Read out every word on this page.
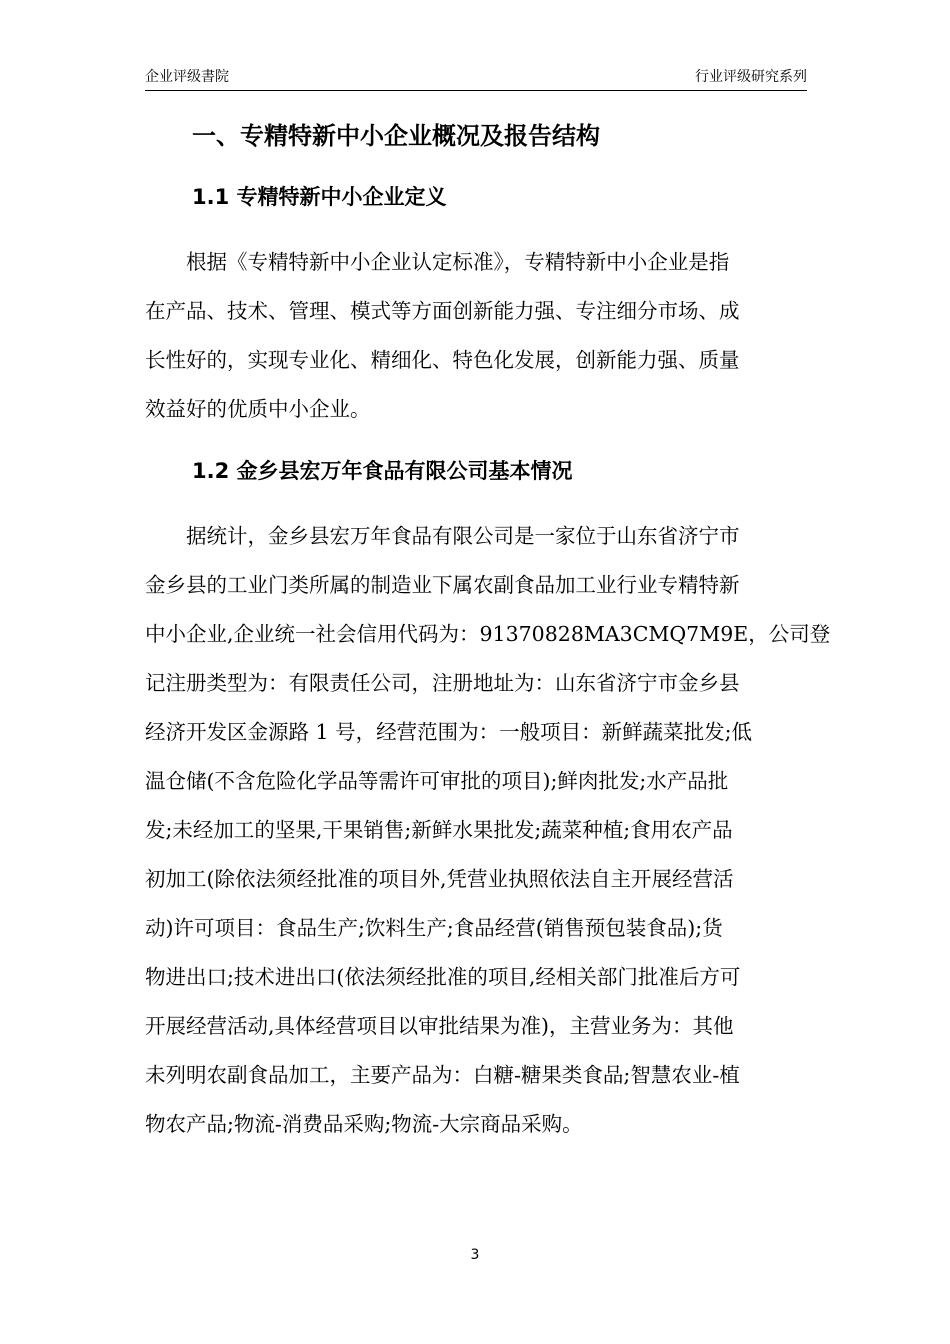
企业评级書院	行业评级研究系列
一、专精特新中小企业概况及报告结构
1.1 专精特新中小企业定义
根据《专精特新中小企业认定标准》，专精特新中小企业是指
在产品、技术、管理、模式等方面创新能力强、专注细分市场、成
长性好的，实现专业化、精细化、特色化发展，创新能力强、质量
效益好的优质中小企业。
1.2 金乡县宏万年食品有限公司基本情况
据统计，金乡县宏万年食品有限公司是一家位于山东省济宁市
金乡县的工业门类所属的制造业下属农副食品加工业行业专精特新
中小企业,企业统一社会信用代码为：91370828MA3CMQ7M9E，公司登
记注册类型为：有限责任公司，注册地址为：山东省济宁市金乡县
经济开发区金源路 1 号，经营范围为：一般项目：新鲜蔬菜批发;低
温仓储(不含危险化学品等需许可审批的项目);鲜肉批发;水产品批
发;未经加工的坚果,干果销售;新鲜水果批发;蔬菜种植;食用农产品
初加工(除依法须经批准的项目外,凭营业执照依法自主开展经营活
动)许可项目：食品生产;饮料生产;食品经营(销售预包装食品);货
物进出口;技术进出口(依法须经批准的项目,经相关部门批准后方可
开展经营活动,具体经营项目以审批结果为准)，主营业务为：其他
未列明农副食品加工，主要产品为：白糖-糖果类食品;智慧农业-植
物农产品;物流-消费品采购;物流-大宗商品采购。
3
